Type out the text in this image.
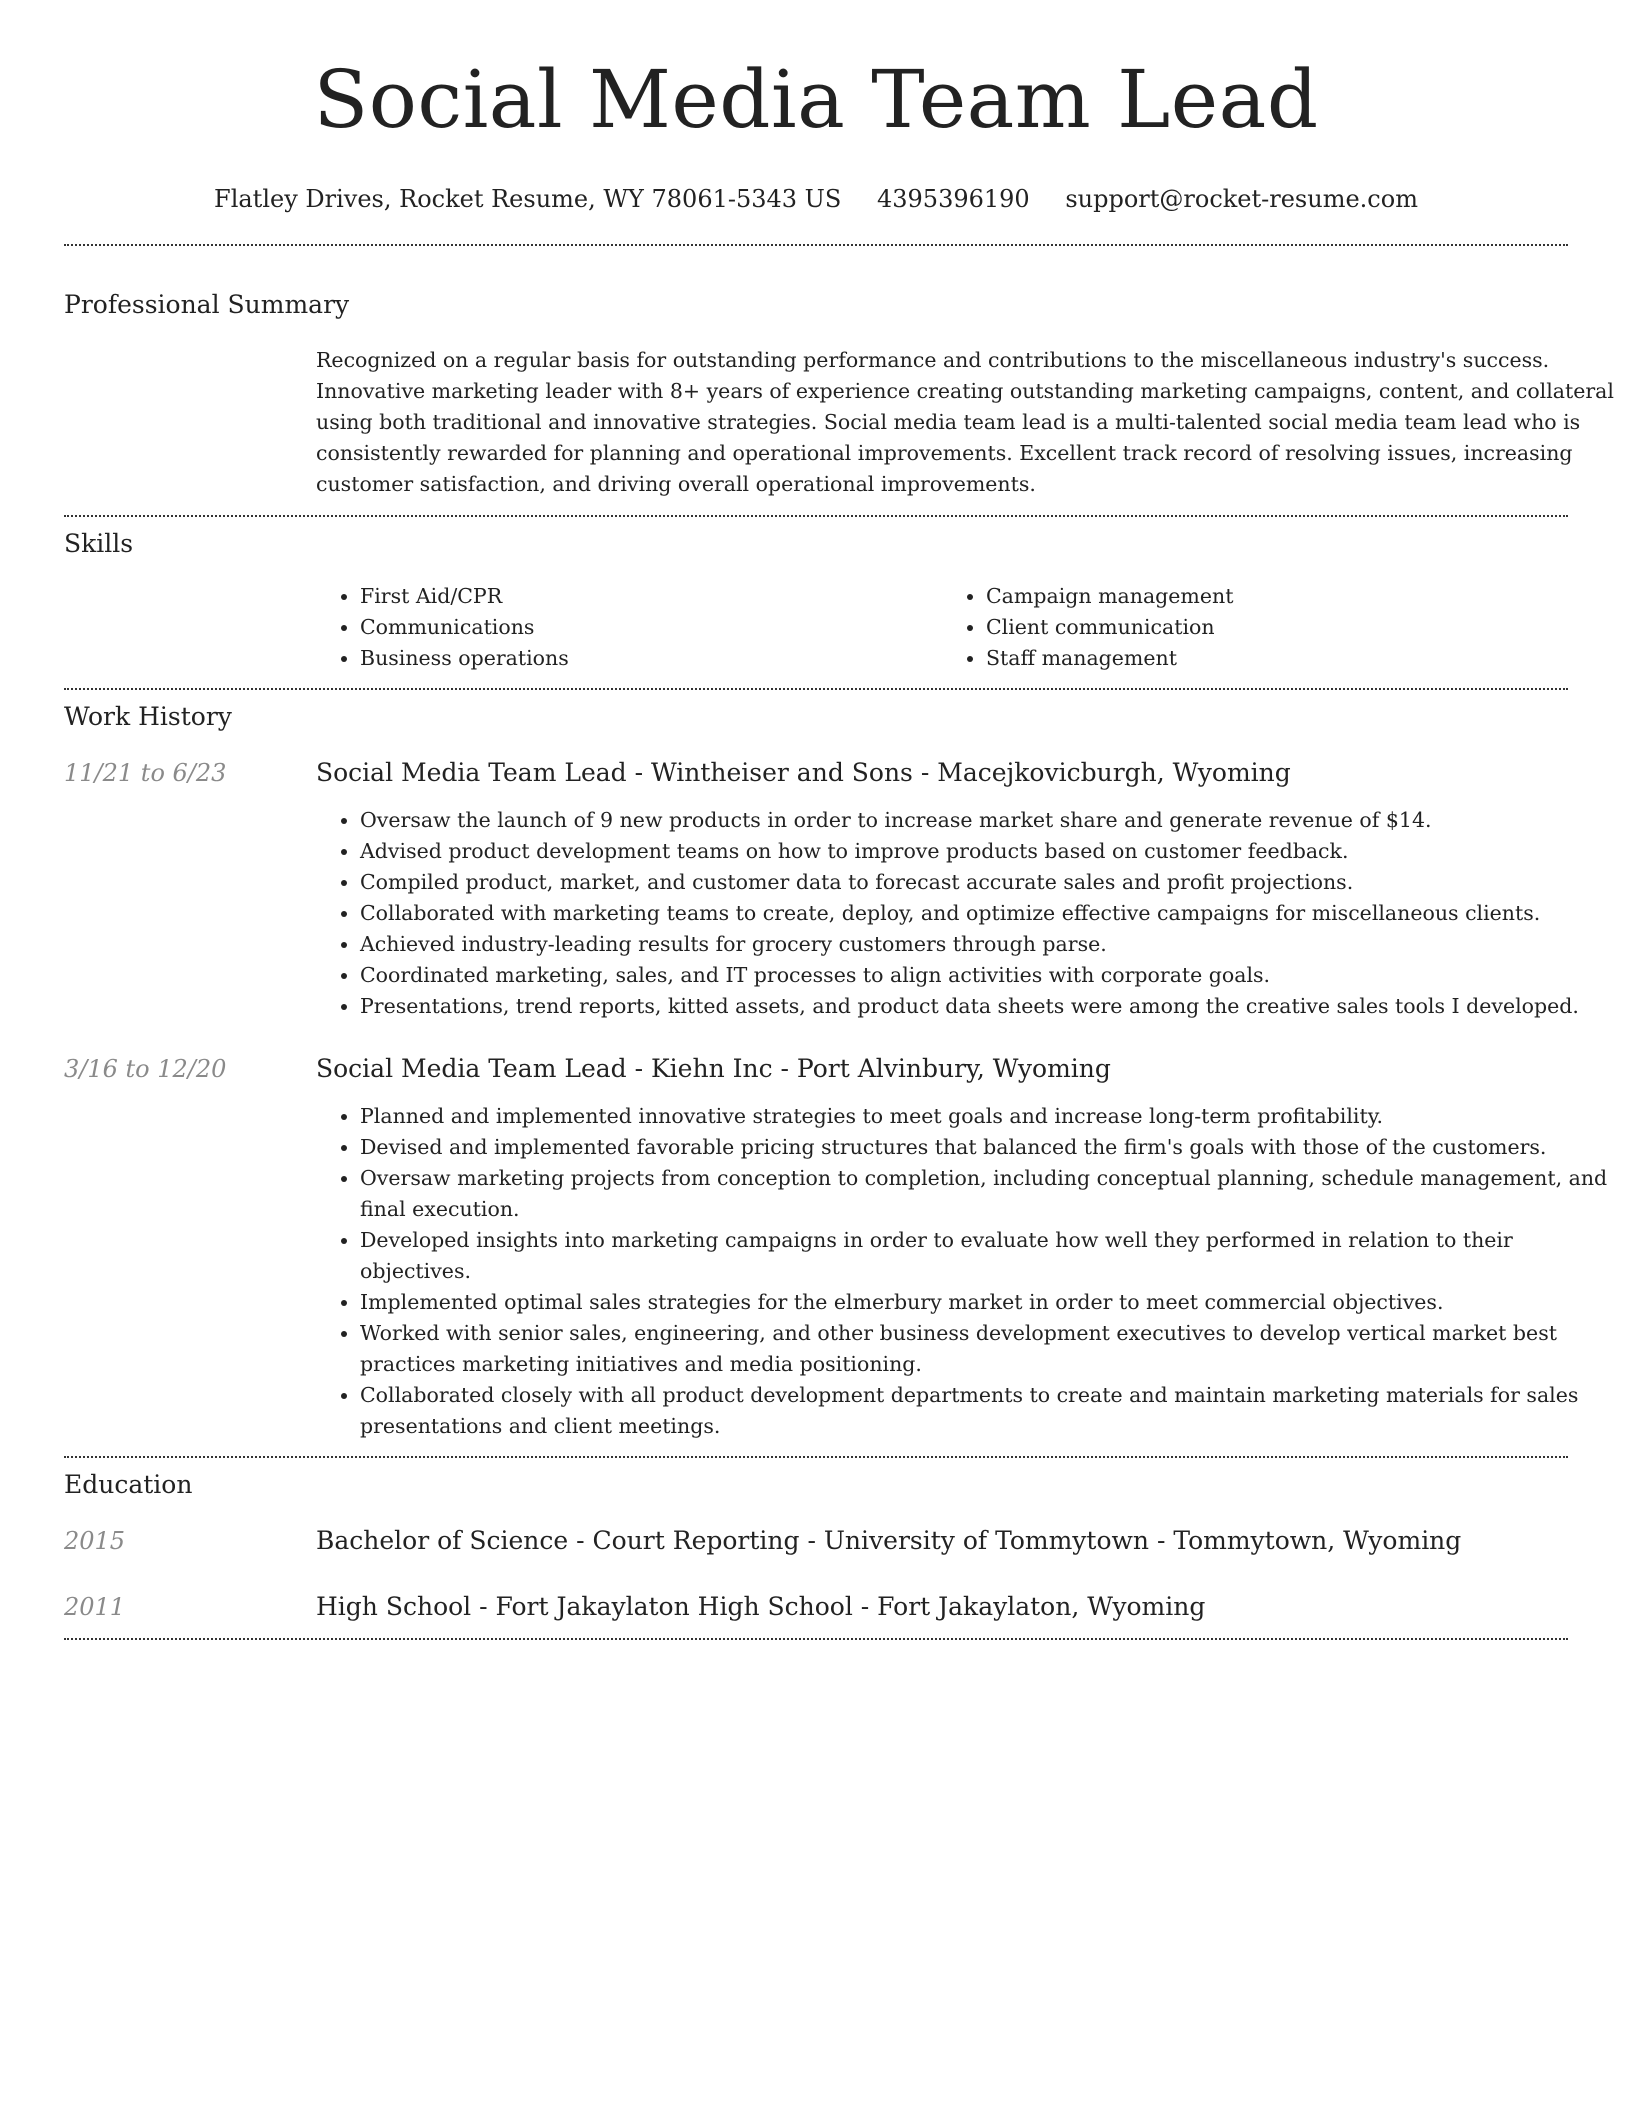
Social Media Team Lead
Flatley Drives, Rocket Resume, WY 78061-5343 US 4395396190 support@rocket-resume.com
Professional Summary
Recognized on a regular basis for outstanding performance and contributions to the miscellaneous industry's success. Innovative marketing leader with 8+ years of experience creating outstanding marketing campaigns, content, and collateral using both traditional and innovative strategies. Social media team lead is a multi-talented social media team lead who is consistently rewarded for planning and operational improvements. Excellent track record of resolving issues, increasing customer satisfaction, and driving overall operational improvements.
Skills
• First Aid/CPR
• Communications
• Business operations
• Campaign management
• Client communication
• Staff management
Work History
11/21 to 6/23	Social Media Team Lead - Wintheiser and Sons - Macejkovicburgh, Wyoming
• Oversaw the launch of 9 new products in order to increase market share and generate revenue of $14.
• Advised product development teams on how to improve products based on customer feedback.
• Compiled product, market, and customer data to forecast accurate sales and profit projections.
• Collaborated with marketing teams to create, deploy, and optimize effective campaigns for miscellaneous clients.
• Achieved industry-leading results for grocery customers through parse.
• Coordinated marketing, sales, and IT processes to align activities with corporate goals.
• Presentations, trend reports, kitted assets, and product data sheets were among the creative sales tools I developed.
3/16 to 12/20	Social Media Team Lead - Kiehn Inc - Port Alvinbury, Wyoming
• Planned and implemented innovative strategies to meet goals and increase long-term profitability.
• Devised and implemented favorable pricing structures that balanced the firm's goals with those of the customers.
• Oversaw marketing projects from conception to completion, including conceptual planning, schedule management, and final execution.
• Developed insights into marketing campaigns in order to evaluate how well they performed in relation to their objectives.
• Implemented optimal sales strategies for the elmerbury market in order to meet commercial objectives.
• Worked with senior sales, engineering, and other business development executives to develop vertical market best practices marketing initiatives and media positioning.
• Collaborated closely with all product development departments to create and maintain marketing materials for sales presentations and client meetings.
Education
2015	Bachelor of Science - Court Reporting - University of Tommytown - Tommytown, Wyoming
2011	High School - Fort Jakaylaton High School - Fort Jakaylaton, Wyoming
